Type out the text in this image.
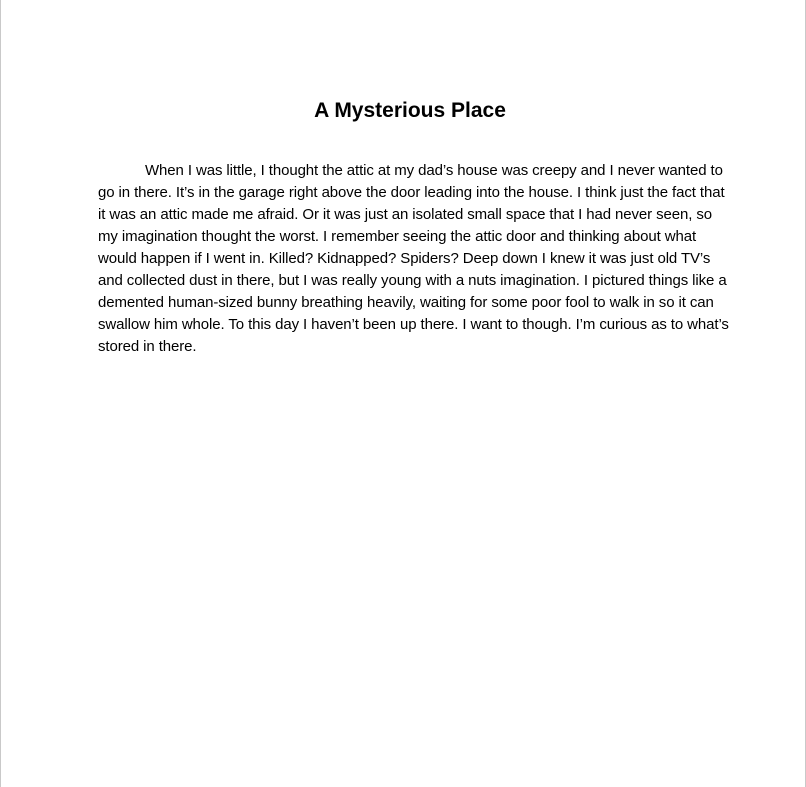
A Mysterious Place

When I was little, I thought the attic at my dad’s house was creepy and I never wanted to go in there. It’s in the garage right above the door leading into the house. I think just the fact that it was an attic made me afraid. Or it was just an isolated small space that I had never seen, so my imagination thought the worst. I remember seeing the attic door and thinking about what would happen if I went in. Killed? Kidnapped? Spiders? Deep down I knew it was just old TV’s and collected dust in there, but I was really young with a nuts imagination. I pictured things like a demented human-sized bunny breathing heavily, waiting for some poor fool to walk in so it can swallow him whole. To this day I haven’t been up there. I want to though. I’m curious as to what’s stored in there.
